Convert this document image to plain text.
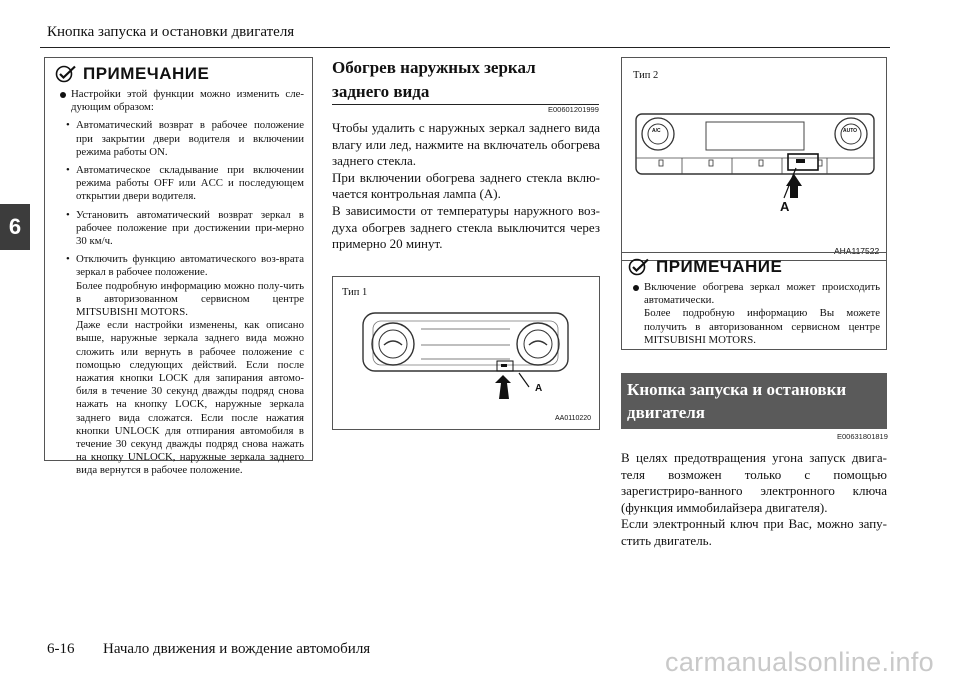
Кнопка запуска и остановки двигателя
6
ПРИМЕЧАНИЕ
Настройки этой функции можно изменить сле-дующим образом:
• Автоматический возврат в рабочее положение при закрытии двери водителя и включении режима работы ON.

• Автоматическое складывание при включении режима работы OFF или ACC и последующем открытии двери водителя.

• Установить автоматический возврат зеркал в рабочее положение при достижении при-мерно 30 км/ч.

• Отключить функцию автоматического воз-врата зеркал в рабочее положение.

Более подробную информацию можно полу-чить в авторизованном сервисном центре MITSUBISHI MOTORS.

Даже если настройки изменены, как описано выше, наружные зеркала заднего вида можно сложить или вернуть в рабочее положение с помощью следующих действий. Если после нажатия кнопки LOCK для запирания автомо-биля в течение 30 секунд дважды подряд снова нажать на кнопку LOCK, наружные зеркала заднего вида сложатся. Если после нажатия кнопки UNLOCK для отпирания автомобиля в течение 30 секунд дважды подряд снова нажать на кнопку UNLOCK, наружные зеркала заднего вида вернутся в рабочее положение.

Обогрев наружных зеркал
заднего вида
E00601201999
Чтобы удалить с наружных зеркал заднего вида влагу или лед, нажмите на включатель обогрева заднего стекла.
При включении обогрева заднего стекла вклю-чается контрольная лампа (A).
В зависимости от температуры наружного воз-духа обогрев заднего стекла выключится через примерно 20 минут.
Тип 1
A
AA0110220
Тип 2
A/C	AUTO
A
AHA117522
ПРИМЕЧАНИЕ
Включение обогрева зеркал может происходить автоматически.
Более подробную информацию Вы можете получить в авторизованном сервисном центре MITSUBISHI MOTORS.
Кнопка запуска и остановки
двигателя
E00631801819
В целях предотвращения угона запуск двига-теля возможен только с помощью зарегистриро-ванного электронного ключа (функция иммобилайзера двигателя).
Если электронный ключ при Вас, можно запу-стить двигатель.
6-16 Начало движения и вождение автомобиля	carmanualsonline.info
